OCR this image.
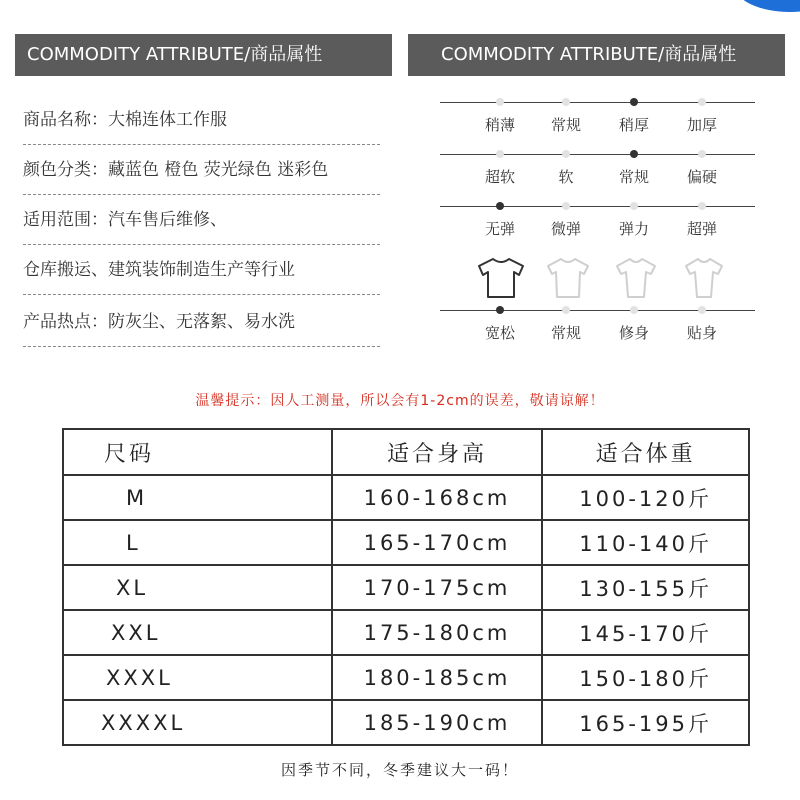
COMMODITY ATTRIBUTE/商品属性	COMMODITY ATTRIBUTE/商品属性
商品名称：大棉连体工作服
颜色分类：藏蓝色 橙色 荧光绿色 迷彩色
适用范围：汽车售后维修、
仓库搬运、建筑装饰制造生产等行业
产品热点：防灰尘、无落絮、易水洗
稍薄	常规	稍厚	加厚
超软	软	常规	偏硬
无弹	微弹	弹力	超弹
宽松	常规	修身	贴身
温馨提示：因人工测量，所以会有1-2cm的误差，敬请谅解！
尺码	适合身高	适合体重
M	160-168cm	100-120斤
L	165-170cm	110-140斤
XL	170-175cm	130-155斤
XXL	175-180cm	145-170斤
XXXL	180-185cm	150-180斤
XXXXL	185-190cm	165-195斤
因季节不同，冬季建议大一码！
